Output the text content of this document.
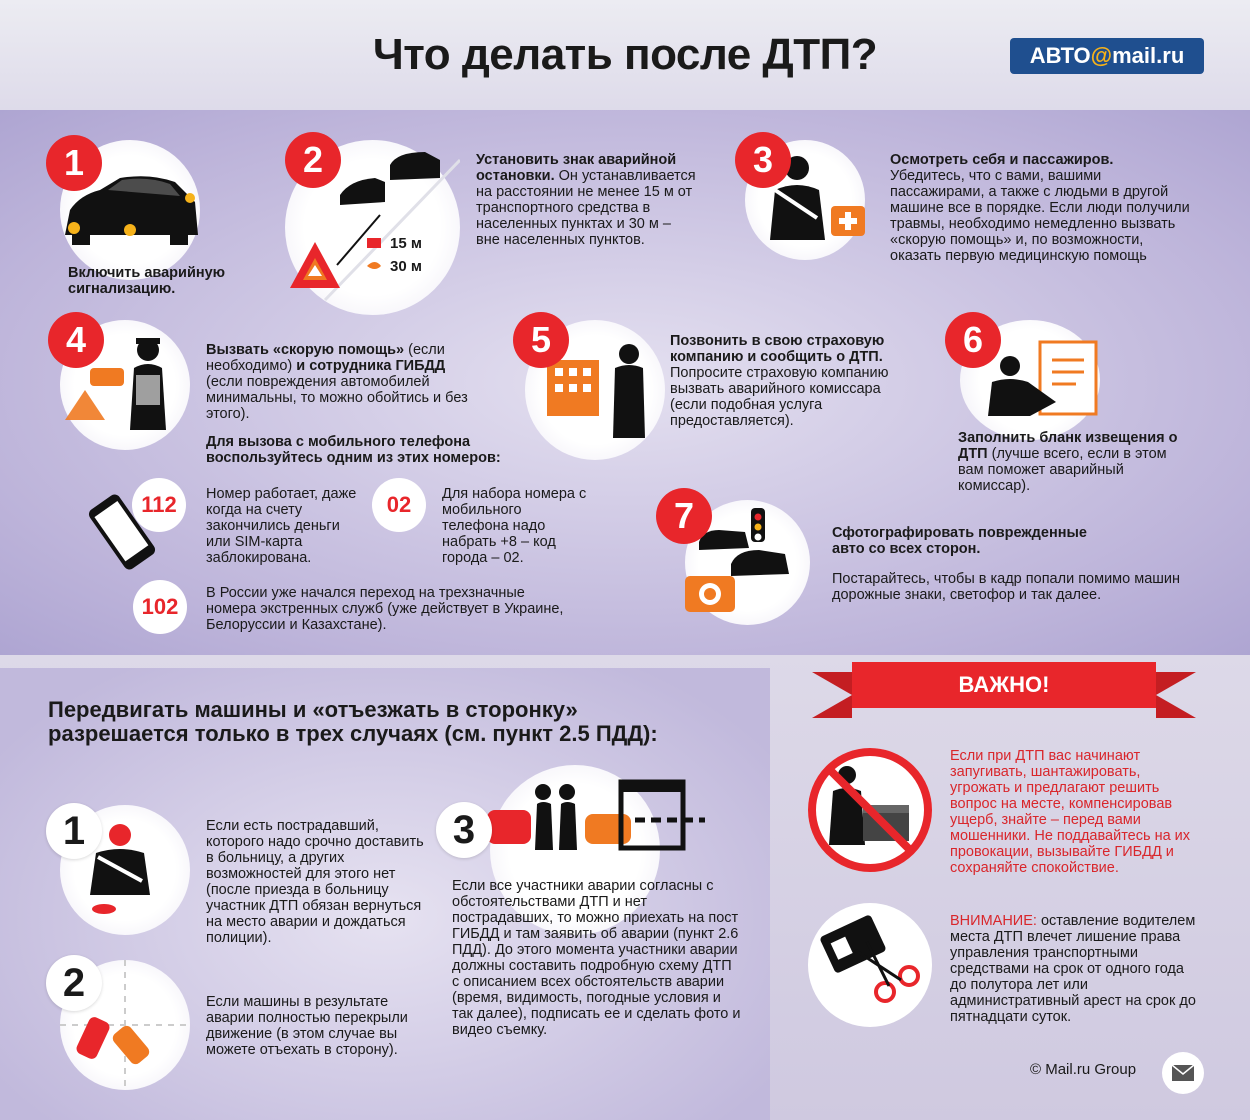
Что делать после ДТП?	АВТО @ mail.ru
1
Включить аварийную сигнализацию.
2
15 м
30 м
Установить знак аварийной остановки. Он устанавливается на расстоянии не менее 15 м от транспортного средства в населенных пунктах и 30 м – вне населенных пунктов.
3	Осмотреть себя и пассажиров. Убедитесь, что с вами, вашими пассажирами, а также с людьми в другой машине все в порядке. Если люди получили травмы, необходимо немедленно вызвать «скорую помощь» и, по возможности, оказать первую медицинскую помощь
4	Вызвать «скорую помощь» (если необходимо) и сотрудника ГИБДД (если повреждения автомобилей минимальны, то можно обойтись и без этого).
Для вызова с мобильного телефона воспользуйтесь одним из этих номеров:
112	Номер работает, даже когда на счету закончились деньги или SIM-карта заблокирована.
02	Для набора номера с мобильного телефона надо набрать +8 – код города – 02.
102
В России уже начался переход на трехзначные номера экстренных служб (уже действует в Украине, Белоруссии и Казахстане).
5	Позвонить в свою страховую компанию и сообщить о ДТП. Попросите страховую компанию вызвать аварийного комиссара (если подобная услуга предоставляется).
6
Заполнить бланк извещения о ДТП (лучше всего, если в этом вам поможет аварийный комиссар).
7	Сфотографировать поврежденные авто со всех сторон.
Постарайтесь, чтобы в кадр попали помимо машин дорожные знаки, светофор и так далее.
Передвигать машины и «отъезжать в сторонку» разрешается только в трех случаях (см. пункт 2.5 ПДД):
1	Если есть пострадавший, которого надо срочно доставить в больницу, а других возможностей для этого нет (после приезда в больницу участник ДТП обязан вернуться на место аварии и дождаться полиции).
2	Если машины в результате аварии полностью перекрыли движение (в этом случае вы можете отъехать в сторону).
3
Если все участники аварии согласны с обстоятельствами ДТП и нет пострадавших, то можно приехать на пост ГИБДД и там заявить об аварии (пункт 2.6 ПДД). До этого момента участники аварии должны составить подробную схему ДТП с описанием всех обстоятельств аварии (время, видимость, погодные условия и так далее), подписать ее и сделать фото и видео съемку.
ВАЖНО!
Если при ДТП вас начинают запугивать, шантажировать, угрожать и предлагают решить вопрос на месте, компенсировав ущерб, знайте – перед вами мошенники. Не поддавайтесь на их провокации, вызывайте ГИБДД и сохраняйте спокойствие.
ВНИМАНИЕ: оставление водителем места ДТП влечет лишение права управления транспортными средствами на срок от одного года до полутора лет или административный арест на срок до пятнадцати суток.
© Mail.ru Group
